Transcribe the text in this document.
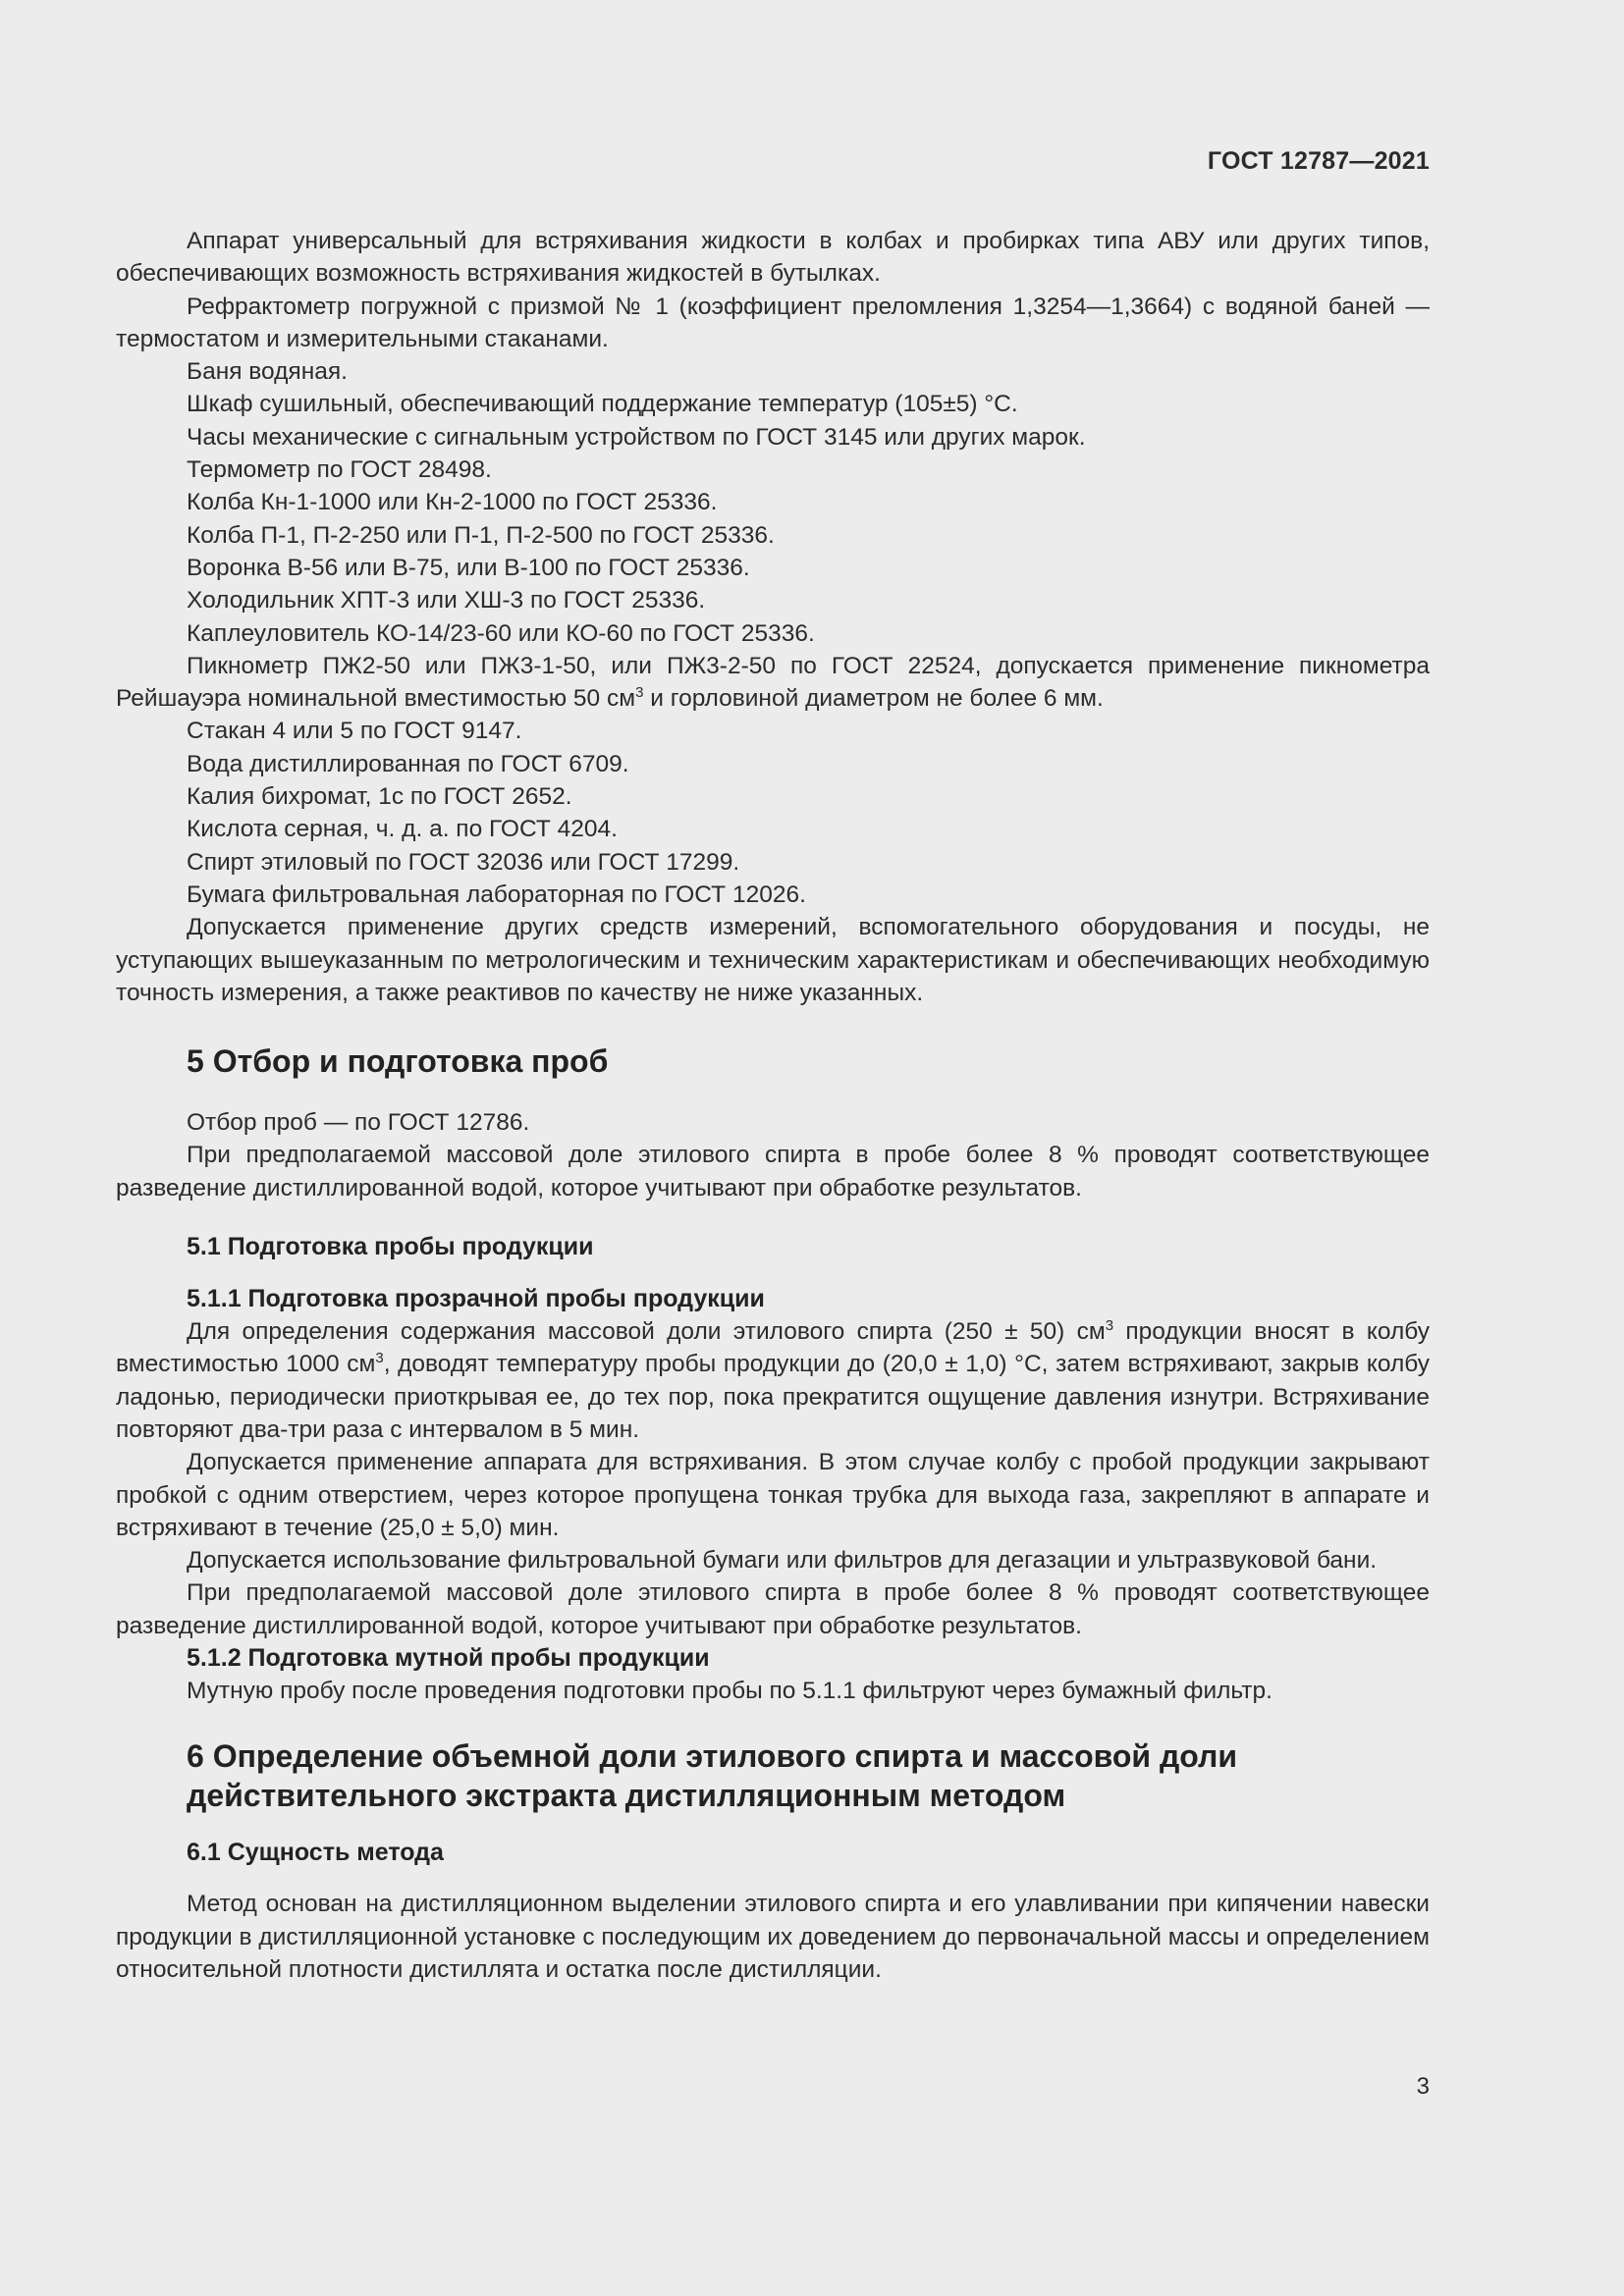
ГОСТ 12787—2021

Аппарат универсальный для встряхивания жидкости в колбах и пробирках типа АВУ или других типов, обеспечивающих возможность встряхивания жидкостей в бутылках.

Рефрактометр погружной с призмой № 1 (коэффициент преломления 1,3254—1,3664) с водяной баней — термостатом и измерительными стаканами.

Баня водяная.

Шкаф сушильный, обеспечивающий поддержание температур (105±5) °С.

Часы механические с сигнальным устройством по ГОСТ 3145 или других марок.

Термометр по ГОСТ 28498.

Колба Кн-1-1000 или Кн-2-1000 по ГОСТ 25336.

Колба П-1, П-2-250 или П-1, П-2-500 по ГОСТ 25336.

Воронка В-56 или В-75, или В-100 по ГОСТ 25336.

Холодильник ХПТ-3 или ХШ-3 по ГОСТ 25336.

Каплеуловитель КО-14/23-60 или КО-60 по ГОСТ 25336.

Пикнометр ПЖ2-50 или ПЖ3-1-50, или ПЖ3-2-50 по ГОСТ 22524, допускается применение пикнометра Рейшауэра номинальной вместимостью 50 $см^3$ и горловиной диаметром не более 6 мм.

Стакан 4 или 5 по ГОСТ 9147.

Вода дистиллированная по ГОСТ 6709.

Калия бихромат, 1с по ГОСТ 2652.

Кислота серная, ч. д. а. по ГОСТ 4204.

Спирт этиловый по ГОСТ 32036 или ГОСТ 17299.

Бумага фильтровальная лабораторная по ГОСТ 12026.

Допускается применение других средств измерений, вспомогательного оборудования и посуды, не уступающих вышеуказанным по метрологическим и техническим характеристикам и обеспечивающих необходимую точность измерения, а также реактивов по качеству не ниже указанных.

5 Отбор и подготовка проб

Отбор проб — по ГОСТ 12786.

При предполагаемой массовой доле этилового спирта в пробе более 8 % проводят соответствующее разведение дистиллированной водой, которое учитывают при обработке результатов.

5.1 Подготовка пробы продукции
5.1.1 Подготовка прозрачной пробы продукции

Для определения содержания массовой доли этилового спирта (250 ± 50) $см^3$ продукции вносят в колбу вместимостью 1000 $см^3$, доводят температуру пробы продукции до (20,0 ± 1,0) °С, затем встряхивают, закрыв колбу ладонью, периодически приоткрывая ее, до тех пор, пока прекратится ощущение давления изнутри. Встряхивание повторяют два-три раза с интервалом в 5 мин.

Допускается применение аппарата для встряхивания. В этом случае колбу с пробой продукции закрывают пробкой с одним отверстием, через которое пропущена тонкая трубка для выхода газа, закрепляют в аппарате и встряхивают в течение (25,0 ± 5,0) мин.

Допускается использование фильтровальной бумаги или фильтров для дегазации и ультразвуковой бани.

При предполагаемой массовой доле этилового спирта в пробе более 8 % проводят соответствующее разведение дистиллированной водой, которое учитывают при обработке результатов.

5.1.2 Подготовка мутной пробы продукции

Мутную пробу после проведения подготовки пробы по 5.1.1 фильтруют через бумажный фильтр.

6 Определение объемной доли этилового спирта и массовой доли
действительного экстракта дистилляционным методом
6.1 Сущность метода

Метод основан на дистилляционном выделении этилового спирта и его улавливании при кипячении навески продукции в дистилляционной установке с последующим их доведением до первоначальной массы и определением относительной плотности дистиллята и остатка после дистилляции.

3
